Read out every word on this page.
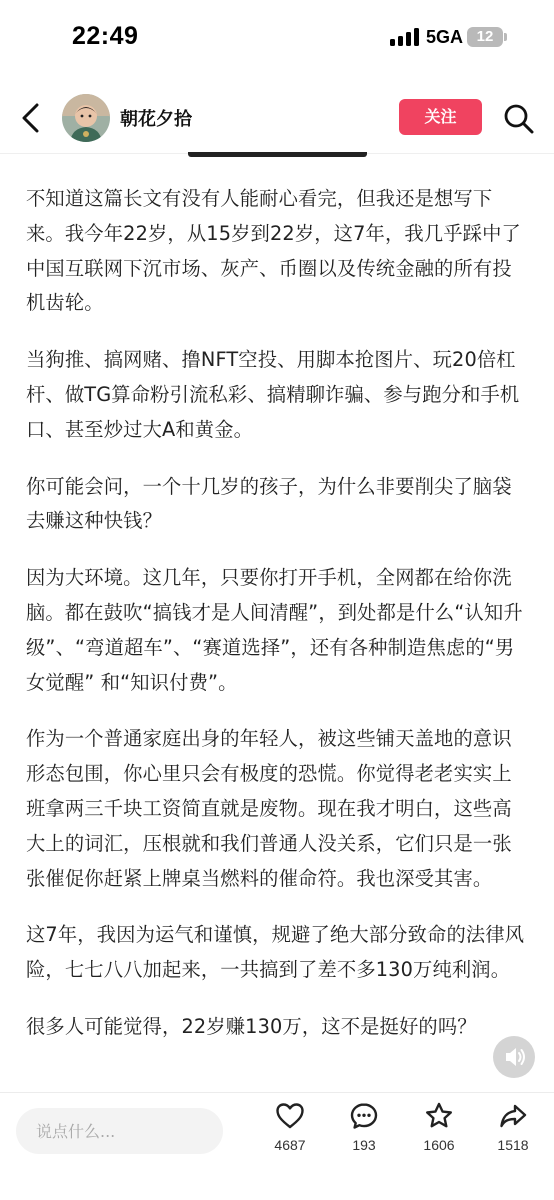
22:49	5GA 12
朝花夕拾	关注

不知道这篇长文有没有人能耐心看完，但我还是想写下来。我今年22岁，从15岁到22岁，这7年，我几乎踩中了中国互联网下沉市场、灰产、币圈以及传统金融的所有投机齿轮。

当狗推、搞网赌、撸NFT空投、用脚本抢图片、玩20倍杠杆、做TG算命粉引流私彩、搞精聊诈骗、参与跑分和手机口、甚至炒过大A和黄金。

你可能会问，一个十几岁的孩子，为什么非要削尖了脑袋去赚这种快钱？

因为大环境。这几年，只要你打开手机，全网都在给你洗脑。都在鼓吹“搞钱才是人间清醒”，到处都是什么“认知升级”、“弯道超车”、“赛道选择”，还有各种制造焦虑的“男女觉醒” 和“知识付费”。

作为一个普通家庭出身的年轻人，被这些铺天盖地的意识形态包围，你心里只会有极度的恐慌。你觉得老老实实上班拿两三千块工资简直就是废物。现在我才明白，这些高大上的词汇，压根就和我们普通人没关系，它们只是一张张催促你赶紧上牌桌当燃料的催命符。我也深受其害。

这7年，我因为运气和谨慎，规避了绝大部分致命的法律风险，七七八八加起来，一共搞到了差不多130万纯利润。

很多人可能觉得，22岁赚130万，这不是挺好的吗？

说点什么...
4687	193	1606	1518
